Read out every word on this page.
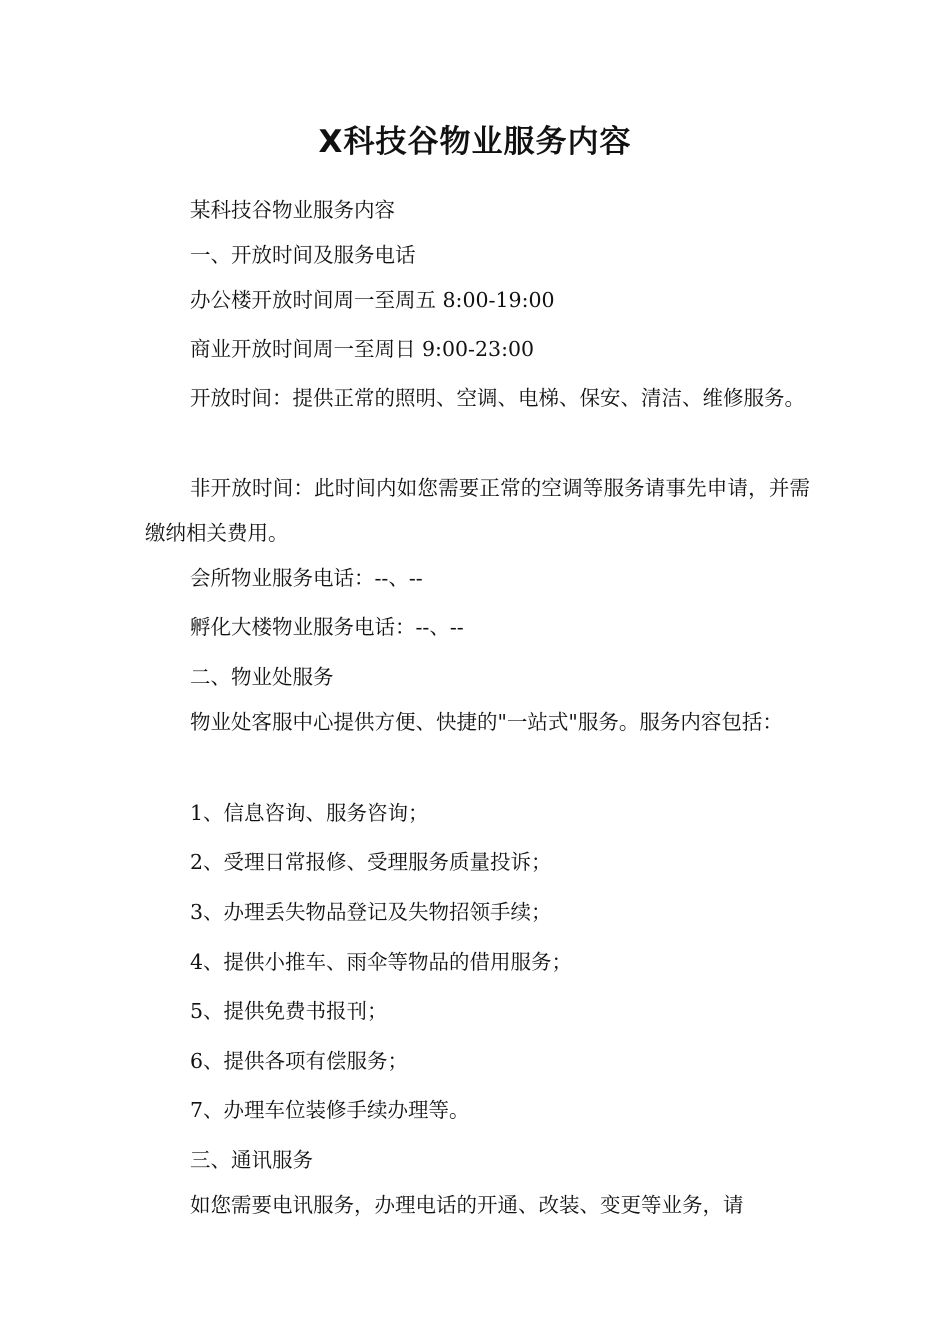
X科技谷物业服务内容

某科技谷物业服务内容

一、开放时间及服务电话

办公楼开放时间周一至周五 8:00-19:00

商业开放时间周一至周日 9:00-23:00

开放时间：提供正常的照明、空调、电梯、保安、清洁、维修服务。

非开放时间：此时间内如您需要正常的空调等服务请事先申请，并需缴纳相关费用。

会所物业服务电话：--、--

孵化大楼物业服务电话：--、--

二、物业处服务

物业处客服中心提供方便、快捷的"一站式"服务。服务内容包括：

1、信息咨询、服务咨询；

2、受理日常报修、受理服务质量投诉；

3、办理丢失物品登记及失物招领手续；

4、提供小推车、雨伞等物品的借用服务；

5、提供免费书报刊；

6、提供各项有偿服务；

7、办理车位装修手续办理等。

三、通讯服务

如您需要电讯服务，办理电话的开通、改装、变更等业务，请
